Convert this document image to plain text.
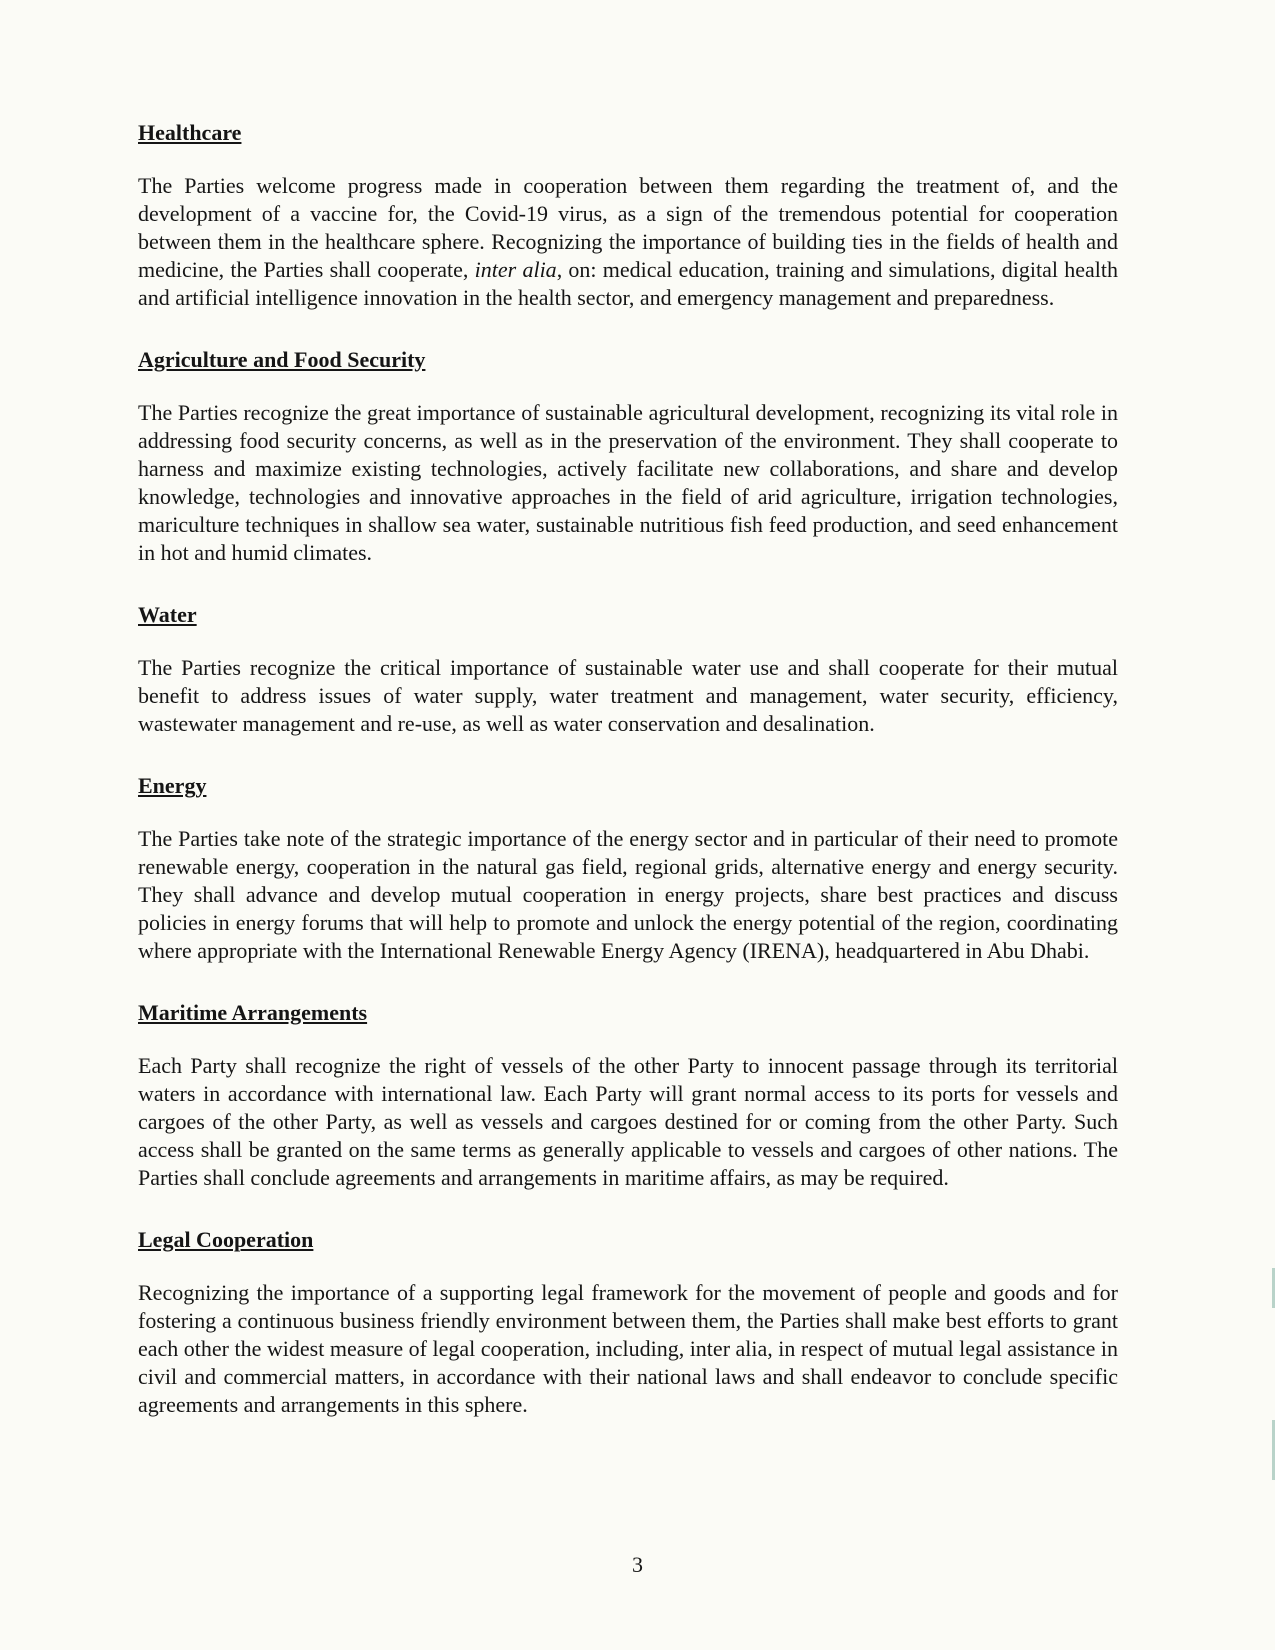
Healthcare

The Parties welcome progress made in cooperation between them regarding the treatment of, and the development of a vaccine for, the Covid-19 virus, as a sign of the tremendous potential for cooperation between them in the healthcare sphere. Recognizing the importance of building ties in the fields of health and medicine, the Parties shall cooperate, inter alia, on: medical education, training and simulations, digital health and artificial intelligence innovation in the health sector, and emergency management and preparedness.

Agriculture and Food Security

The Parties recognize the great importance of sustainable agricultural development, recognizing its vital role in addressing food security concerns, as well as in the preservation of the environment. They shall cooperate to harness and maximize existing technologies, actively facilitate new collaborations, and share and develop knowledge, technologies and innovative approaches in the field of arid agriculture, irrigation technologies, mariculture techniques in shallow sea water, sustainable nutritious fish feed production, and seed enhancement in hot and humid climates.

Water

The Parties recognize the critical importance of sustainable water use and shall cooperate for their mutual benefit to address issues of water supply, water treatment and management, water security, efficiency, wastewater management and re-use, as well as water conservation and desalination.

Energy

The Parties take note of the strategic importance of the energy sector and in particular of their need to promote renewable energy, cooperation in the natural gas field, regional grids, alternative energy and energy security. They shall advance and develop mutual cooperation in energy projects, share best practices and discuss policies in energy forums that will help to promote and unlock the energy potential of the region, coordinating where appropriate with the International Renewable Energy Agency (IRENA), headquartered in Abu Dhabi.

Maritime Arrangements

Each Party shall recognize the right of vessels of the other Party to innocent passage through its territorial waters in accordance with international law. Each Party will grant normal access to its ports for vessels and cargoes of the other Party, as well as vessels and cargoes destined for or coming from the other Party. Such access shall be granted on the same terms as generally applicable to vessels and cargoes of other nations. The Parties shall conclude agreements and arrangements in maritime affairs, as may be required.

Legal Cooperation

Recognizing the importance of a supporting legal framework for the movement of people and goods and for fostering a continuous business friendly environment between them, the Parties shall make best efforts to grant each other the widest measure of legal cooperation, including, inter alia, in respect of mutual legal assistance in civil and commercial matters, in accordance with their national laws and shall endeavor to conclude specific agreements and arrangements in this sphere.

3
